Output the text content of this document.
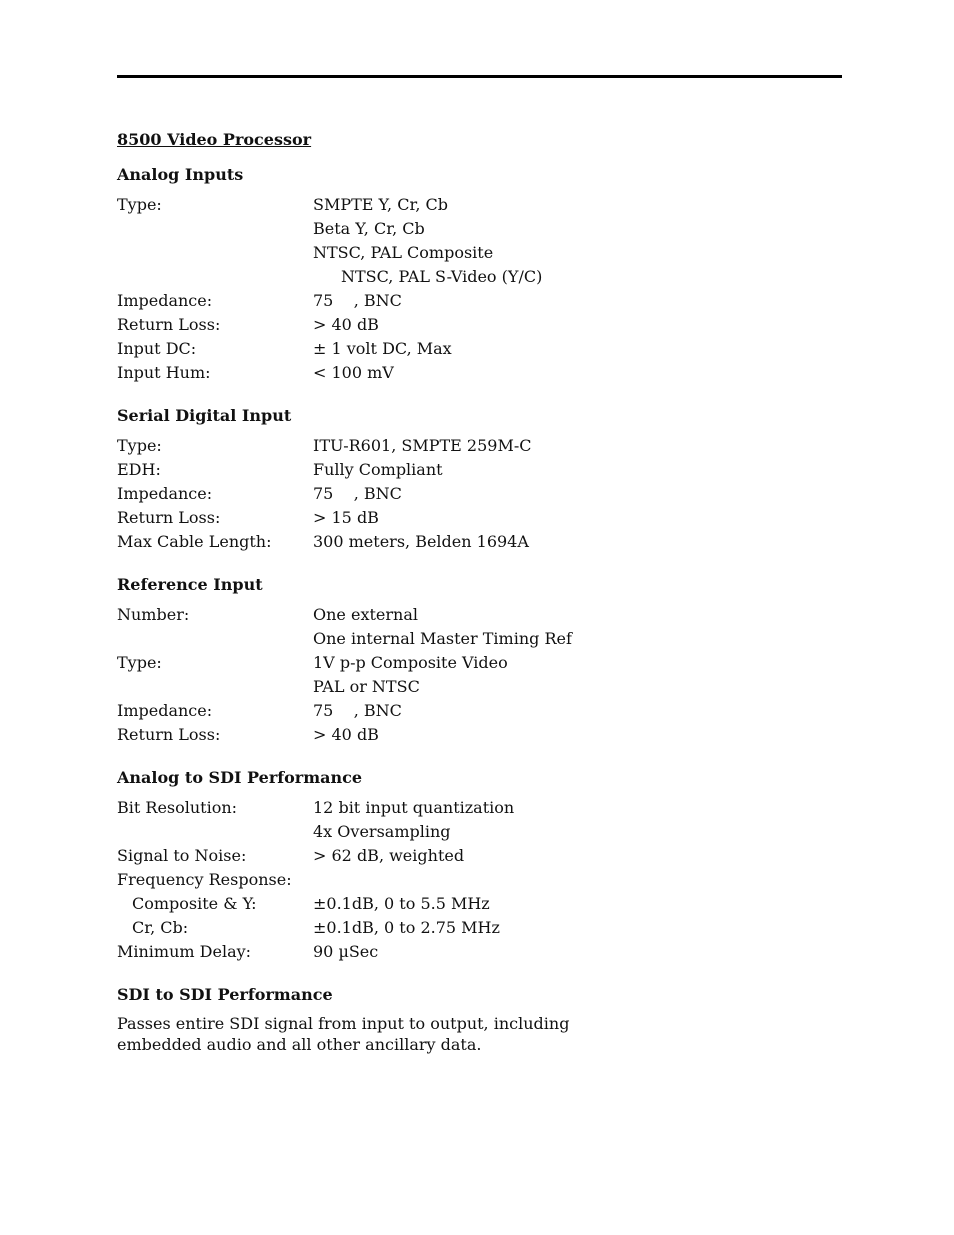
8500 Video Processor
Analog Inputs
Type:	SMPTE Y, Cr, Cb
Beta Y, Cr, Cb
NTSC, PAL Composite
NTSC, PAL S-Video (Y/C)
Impedance:	75    , BNC
Return Loss:	> 40 dB
Input DC:	± 1 volt DC, Max
Input Hum:	< 100 mV
Serial Digital Input
Type:	ITU-R601, SMPTE 259M-C
EDH:	Fully Compliant
Impedance:	75    , BNC
Return Loss:	> 15 dB
Max Cable Length:	300 meters, Belden 1694A
Reference Input
Number:	One external
One internal Master Timing Ref
Type:	1V p-p Composite Video
PAL or NTSC
Impedance:	75    , BNC
Return Loss:	> 40 dB
Analog to SDI Performance
Bit Resolution:	12 bit input quantization
4x Oversampling
Signal to Noise:	> 62 dB, weighted
Frequency Response:
Composite & Y:	±0.1dB, 0 to 5.5 MHz
Cr, Cb:	±0.1dB, 0 to 2.75 MHz
Minimum Delay:	90 µSec
SDI to SDI Performance
Passes entire SDI signal from input to output, including embedded audio and all other ancillary data.
